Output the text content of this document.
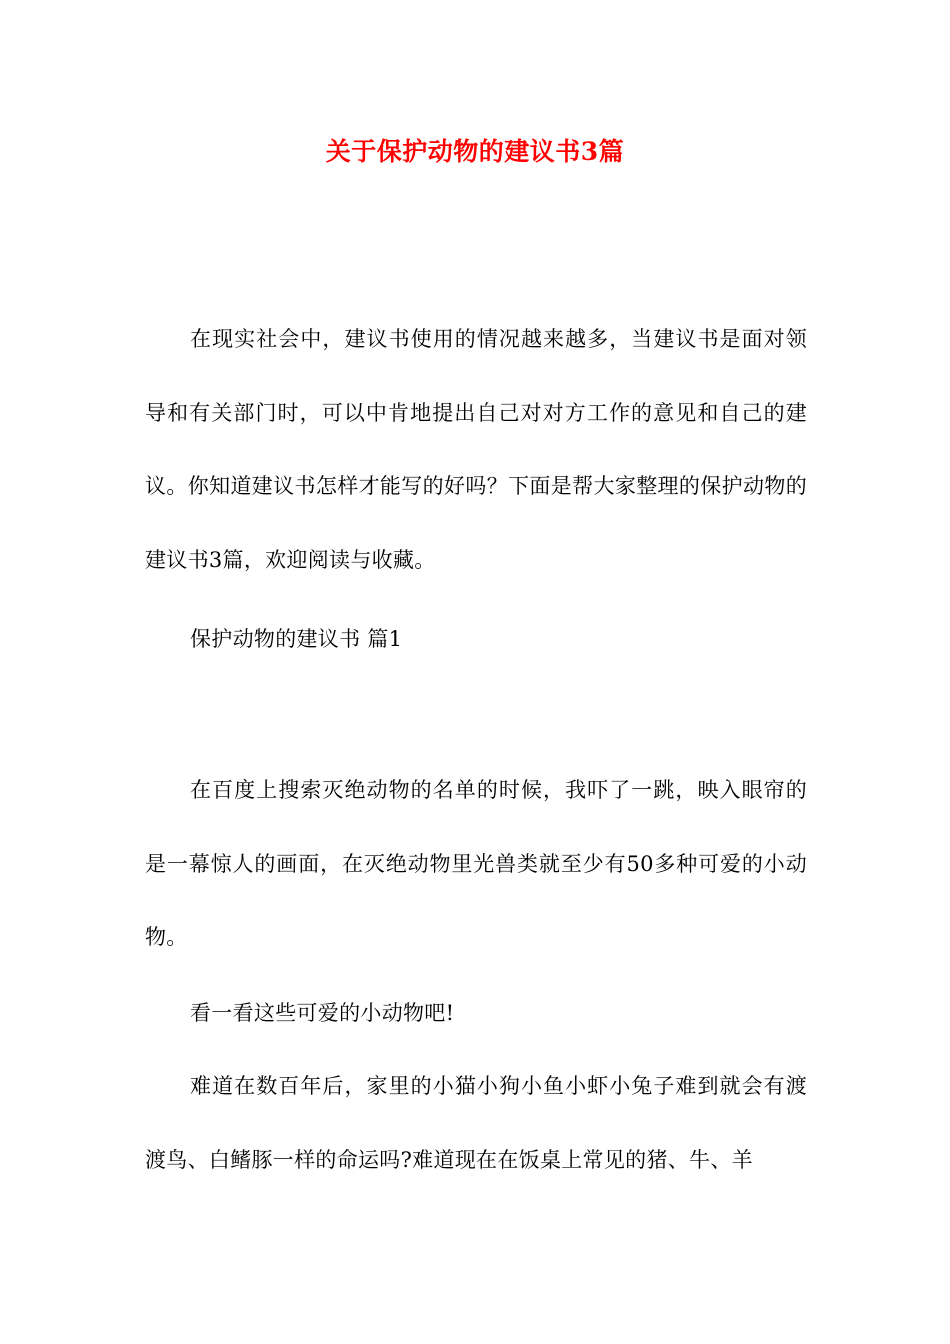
关于保护动物的建议书3篇

在现实社会中，建议书使用的情况越来越多，当建议书是面对领导和有关部门时，可以中肯地提出自己对对方工作的意见和自己的建议。你知道建议书怎样才能写的好吗？下面是帮大家整理的保护动物的建议书3篇，欢迎阅读与收藏。

保护动物的建议书 篇1

在百度上搜索灭绝动物的名单的时候，我吓了一跳，映入眼帘的是一幕惊人的画面，在灭绝动物里光兽类就至少有50多种可爱的小动物。

看一看这些可爱的小动物吧!

难道在数百年后，家里的小猫小狗小鱼小虾小兔子难到就会有渡渡鸟、白鳍豚一样的命运吗?难道现在在饭桌上常见的猪、牛、羊
